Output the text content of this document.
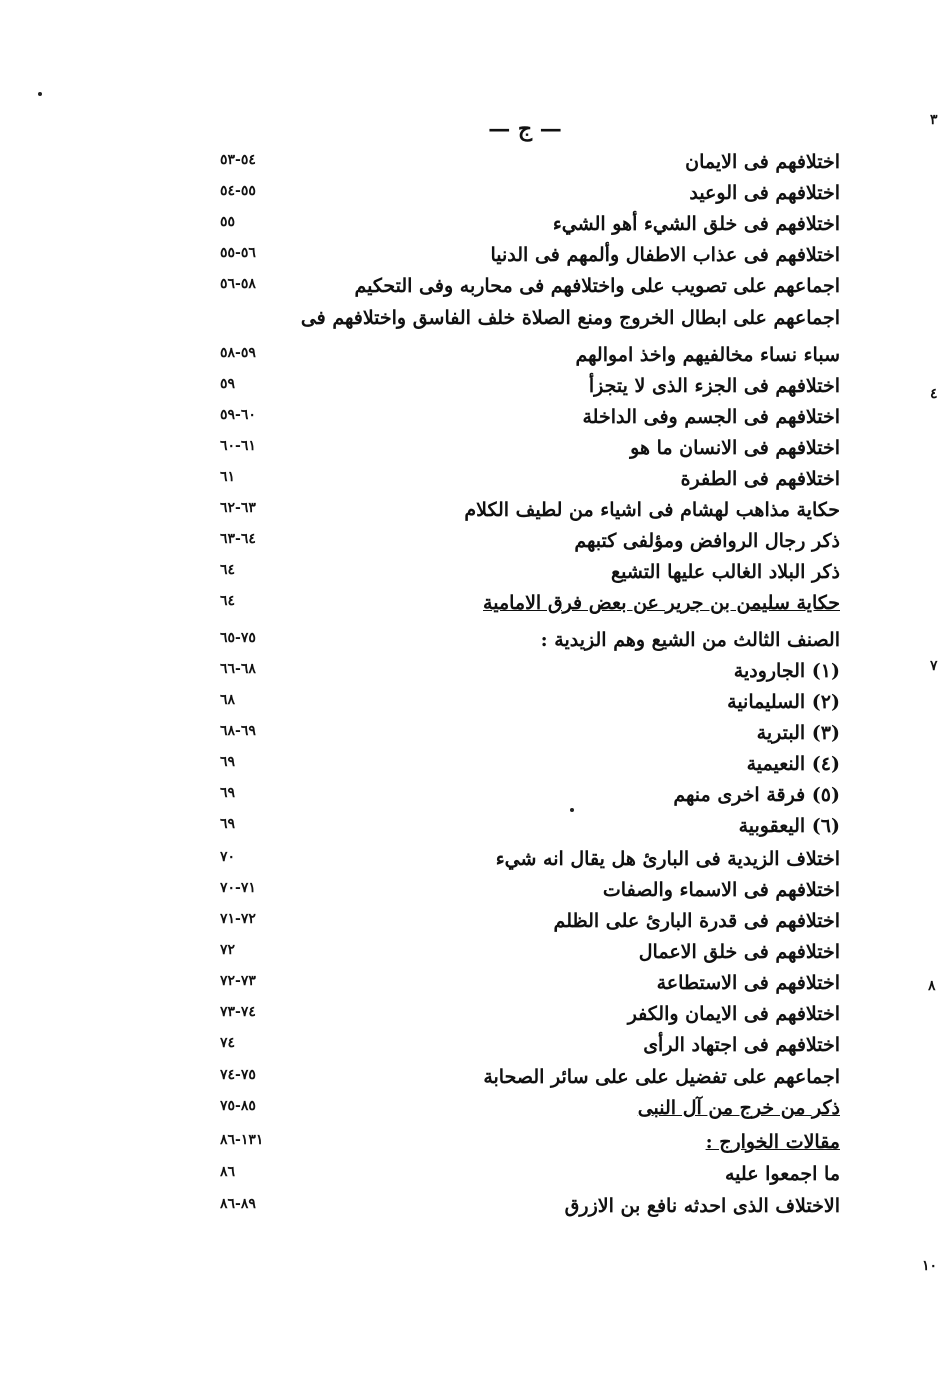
— ج —	٣
٤
٧
٨
١٠
اختلافهم فى الايمان
٥٤-٥٣
اختلافهم فى الوعيد
٥٥-٥٤
اختلافهم فى خلق الشيء أهو الشيء
٥٥
اختلافهم فى عذاب الاطفال وألمهم فى الدنيا
٥٦-٥٥
اجماعهم على تصويب على واختلافهم فى محاربه وفى التحكيم
٥٨-٥٦
اجماعهم على ابطال الخروج ومنع الصلاة خلف الفاسق واختلافهم فى
سباء نساء مخالفيهم واخذ اموالهم
٥٩-٥٨
اختلافهم فى الجزء الذى لا يتجزأ
٥٩
اختلافهم فى الجسم وفى الداخلة
٦٠-٥٩
اختلافهم فى الانسان ما هو
٦١-٦٠
اختلافهم فى الطفرة
٦١
حكاية مذاهب لهشام فى اشياء من لطيف الكلام
٦٣-٦٢
ذكر رجال الروافض ومؤلفى كتبهم
٦٤-٦٣
ذكر البلاد الغالب عليها التشيع
٦٤
حكاية سليمن بن جرير عن بعض فرق الامامية
٦٤
الصنف الثالث من الشيع وهم الزيدية :
٧٥-٦٥
(١) الجارودية
٦٨-٦٦
(٢) السليمانية
٦٨
(٣) البترية
٦٩-٦٨
(٤) النعيمية
٦٩
(٥) فرقة اخرى منهم
٦٩
(٦) اليعقوبية
٦٩
اختلاف الزيدية فى البارئ هل يقال انه شيء
٧٠
اختلافهم فى الاسماء والصفات
٧١-٧٠
اختلافهم فى قدرة البارئ على الظلم
٧٢-٧١
اختلافهم فى خلق الاعمال
٧٢
اختلافهم فى الاستطاعة
٧٣-٧٢
اختلافهم فى الايمان والكفر
٧٤-٧٣
اختلافهم فى اجتهاد الرأى
٧٤
اجماعهم على تفضيل على على سائر الصحابة
٧٥-٧٤
ذكر من خرج من آل النبى
٨٥-٧٥
مقالات الخوارج :
١٣١-٨٦
ما اجمعوا عليه
٨٦
الاختلاف الذى احدثه نافع بن الازرق
٨٩-٨٦
